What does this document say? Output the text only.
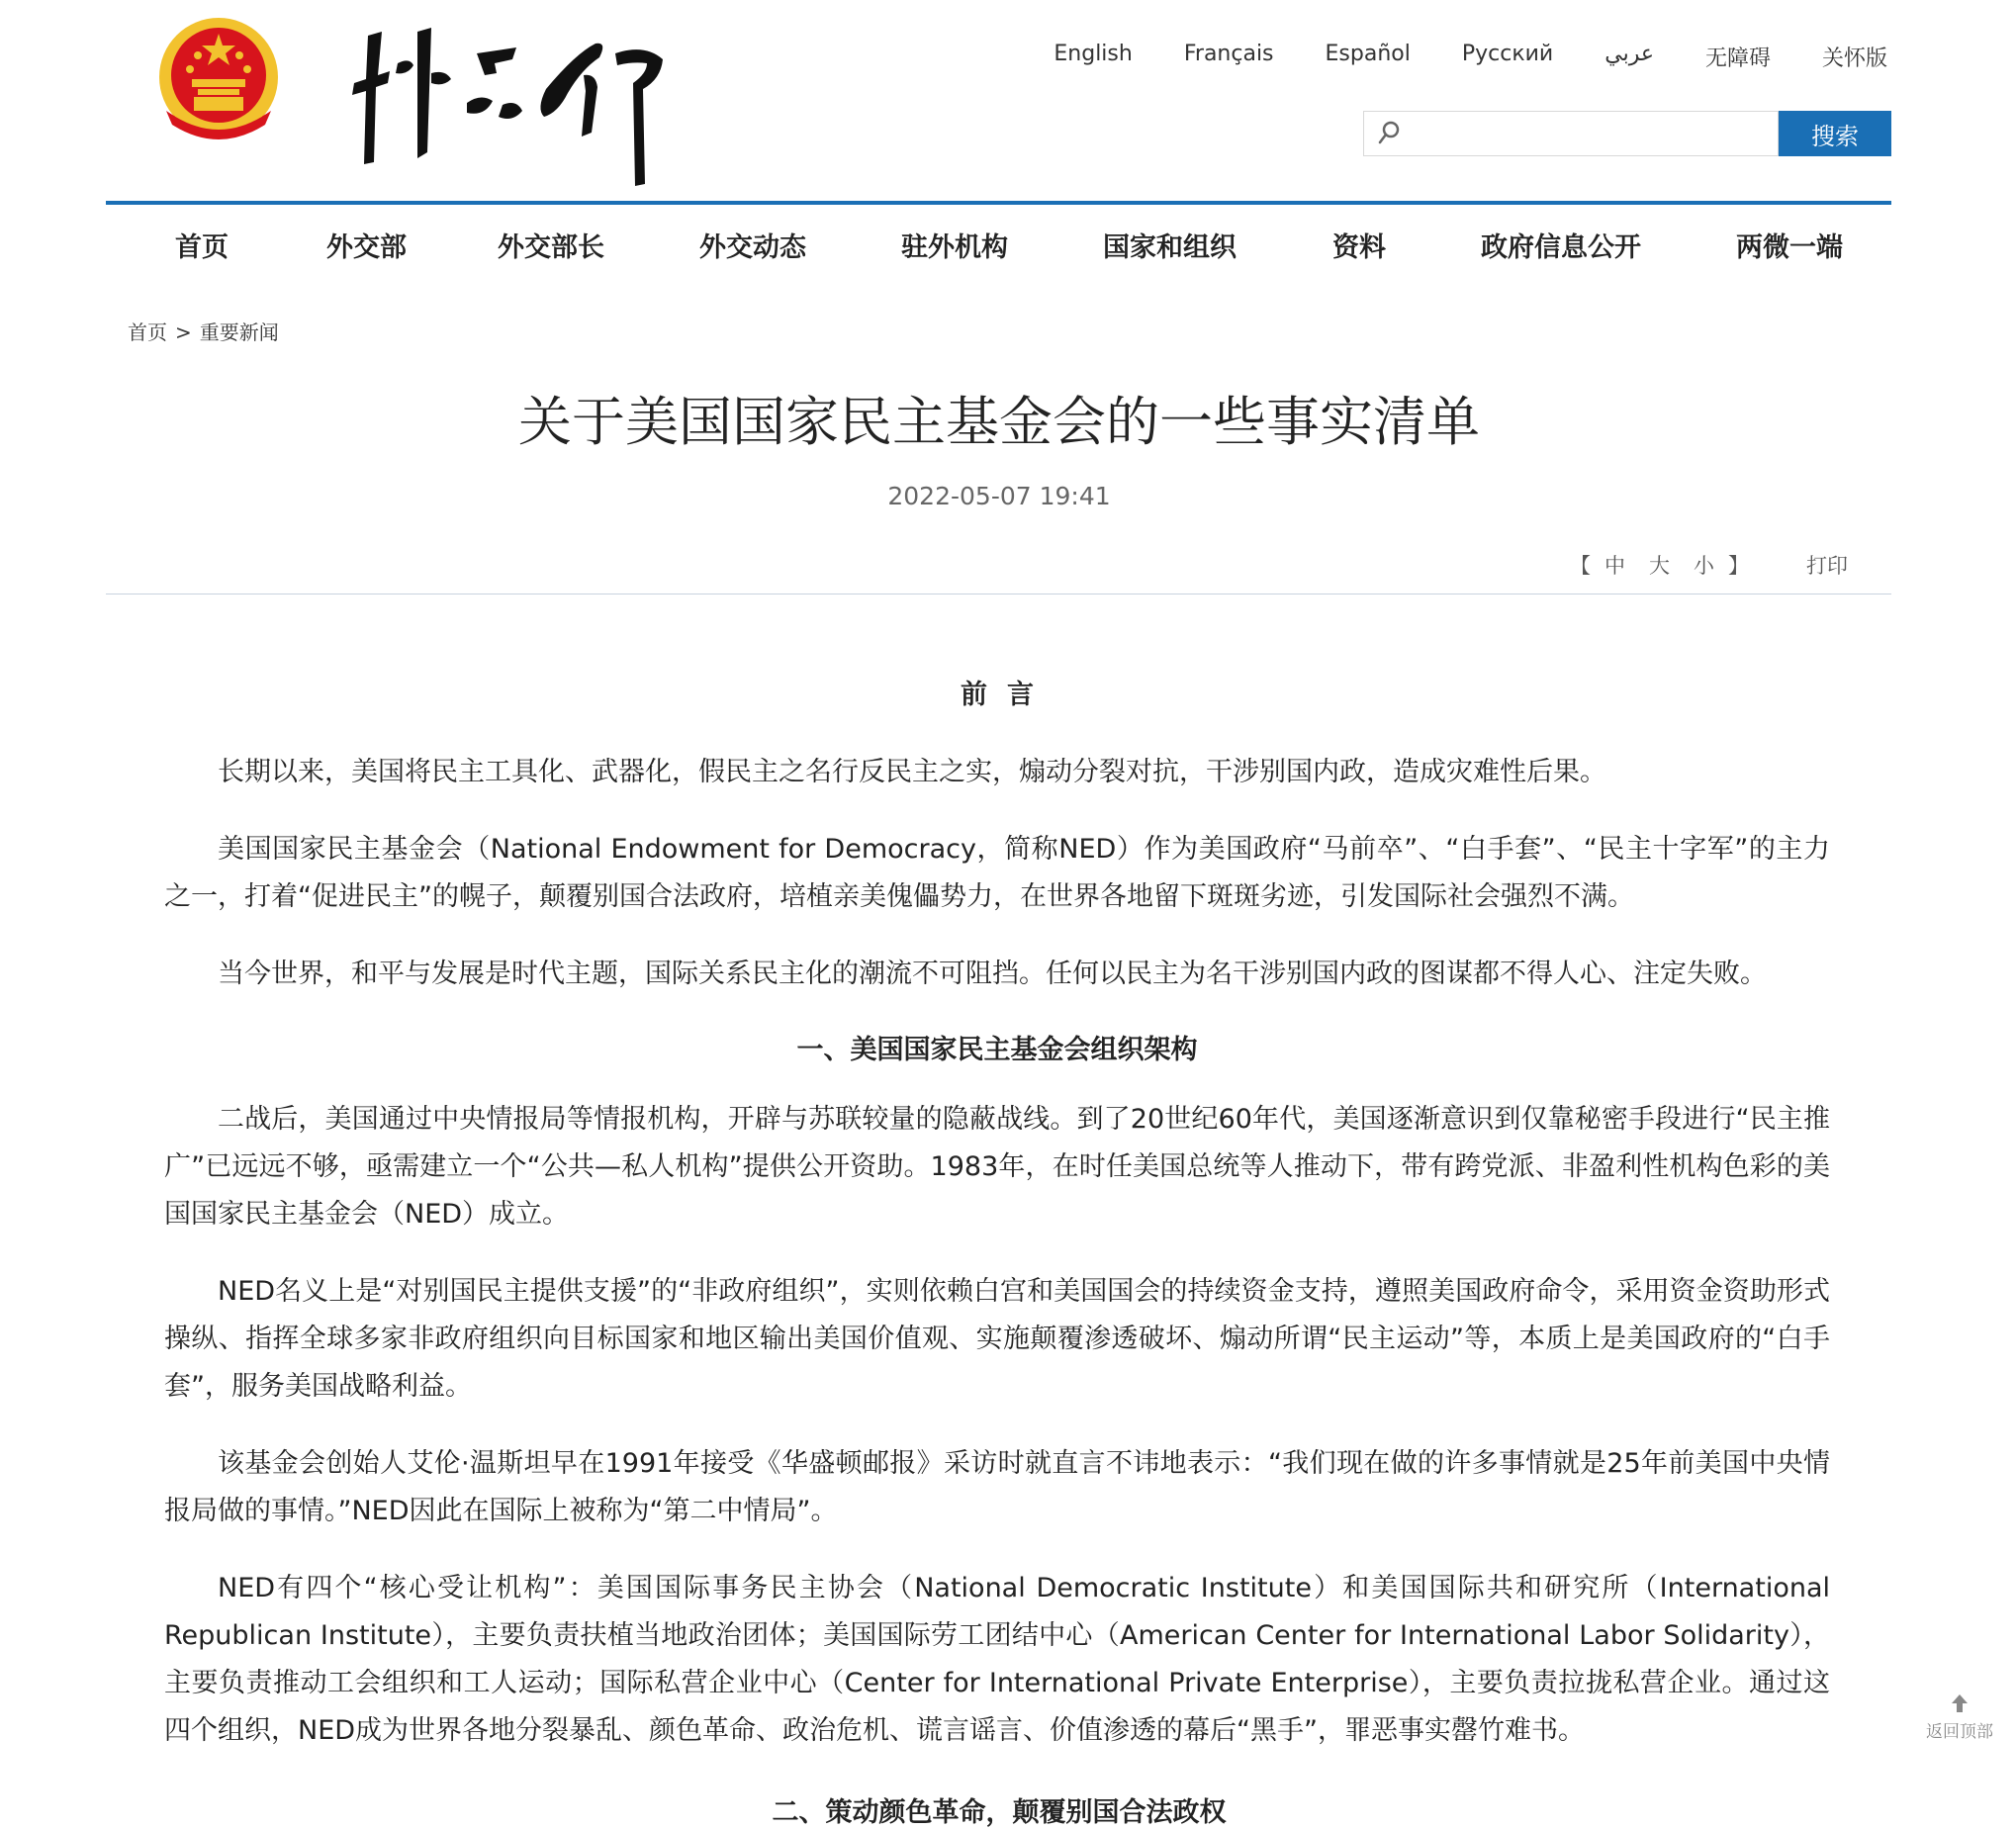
English Français Español Русский عربي 无障碍 关怀版
搜索
首页	外交部	外交部长	外交动态	驻外机构	国家和组织	资料	政府信息公开	两微一端
首页 > 重要新闻
关于美国国家民主基金会的一些事实清单
2022-05-07 19:41
【 中 大 小 】	打印
前言

长期以来，美国将民主工具化、武器化，假民主之名行反民主之实，煽动分裂对抗，干涉别国内政，造成灾难性后果。

美国国家民主基金会（National Endowment for Democracy，简称NED）作为美国政府“马前卒”、“白手套”、“民主十字军”的主力之一，打着“促进民主”的幌子，颠覆别国合法政府，培植亲美傀儡势力，在世界各地留下斑斑劣迹，引发国际社会强烈不满。

当今世界，和平与发展是时代主题，国际关系民主化的潮流不可阻挡。任何以民主为名干涉别国内政的图谋都不得人心、注定失败。

一、美国国家民主基金会组织架构

二战后，美国通过中央情报局等情报机构，开辟与苏联较量的隐蔽战线。到了20世纪60年代，美国逐渐意识到仅靠秘密手段进行“民主推广”已远远不够，亟需建立一个“公共—私人机构”提供公开资助。1983年，在时任美国总统等人推动下，带有跨党派、非盈利性机构色彩的美国国家民主基金会（NED）成立。

NED名义上是“对别国民主提供支援”的“非政府组织”，实则依赖白宫和美国国会的持续资金支持，遵照美国政府命令，采用资金资助形式操纵、指挥全球多家非政府组织向目标国家和地区输出美国价值观、实施颠覆渗透破坏、煽动所谓“民主运动”等，本质上是美国政府的“白手套”，服务美国战略利益。

该基金会创始人艾伦·温斯坦早在1991年接受《华盛顿邮报》采访时就直言不讳地表示：“我们现在做的许多事情就是25年前美国中央情报局做的事情。”NED因此在国际上被称为“第二中情局”。

NED有四个“核心受让机构”：美国国际事务民主协会（National Democratic Institute）和美国国际共和研究所（International Republican Institute），主要负责扶植当地政治团体；美国国际劳工团结中心（American Center for International Labor Solidarity），主要负责推动工会组织和工人运动；国际私营企业中心（Center for International Private Enterprise），主要负责拉拢私营企业。通过这四个组织，NED成为世界各地分裂暴乱、颜色革命、政治危机、谎言谣言、价值渗透的幕后“黑手”，罪恶事实罄竹难书。

二、策动颜色革命，颠覆别国合法政权
返回顶部
